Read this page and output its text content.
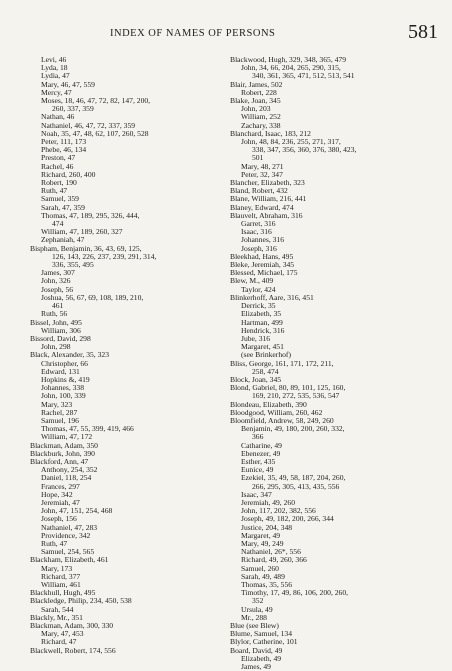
INDEX OF NAMES OF PERSONS	581
Levi, 46
Lyda, 18
Lydia, 47
Mary, 46, 47, 559
Mercy, 47
Moses, 18, 46, 47, 72, 82, 147, 200,
260, 337, 359
Nathan, 46
Nathaniel, 46, 47, 72, 337, 359
Noah, 35, 47, 48, 62, 107, 260, 528
Peter, 111, 173
Phebe, 46, 134
Preston, 47
Rachel, 46
Richard, 260, 400
Robert, 190
Ruth, 47
Samuel, 359
Sarah, 47, 359
Thomas, 47, 189, 295, 326, 444,
474
William, 47, 189, 260, 327
Zephaniah, 47
Bispham, Benjamin, 36, 43, 69, 125,
126, 143, 226, 237, 239, 291, 314,
336, 355, 495
James, 307
John, 326
Joseph, 56
Joshua, 56, 67, 69, 108, 189, 210,
461
Ruth, 56
Bissel, John, 495
William, 306
Bissord, David, 298
John, 298
Black, Alexander, 35, 323
Christopher, 66
Edward, 131
Hopkins &, 419
Johannes, 338
John, 100, 339
Mary, 323
Rachel, 287
Samuel, 196
Thomas, 47, 55, 399, 419, 466
William, 47, 172
Blackman, Adam, 350
Blackburk, John, 390
Blackford, Ann, 47
Anthony, 254, 352
Daniel, 118, 254
Frances, 297
Hope, 342
Jeremiah, 47
John, 47, 151, 254, 468
Joseph, 156
Nathaniel, 47, 283
Providence, 342
Ruth, 47
Samuel, 254, 565
Blackham, Elizabeth, 461
Mary, 173
Richard, 377
William, 461
Blackhull, Hugh, 495
Blackledge, Philip, 234, 450, 538
Sarah, 544
Blackly, Mr., 351
Blackman, Adam, 300, 330
Mary, 47, 453
Richard, 47
Blackwell, Robert, 174, 556
Blackwood, Hugh, 329, 348, 365, 479
John, 34, 66, 204, 265, 290, 315,
340, 361, 365, 471, 512, 513, 541
Blair, James, 502
Robert, 228
Blake, Joan, 345
John, 203
William, 252
Zachary, 338
Blanchard, Isaac, 183, 212
John, 48, 84, 236, 255, 271, 317,
338, 347, 356, 360, 376, 380, 423,
501
Mary, 48, 271
Peter, 32, 347
Blancher, Elizabeth, 323
Bland, Robert, 432
Blane, William, 216, 441
Blaney, Edward, 474
Blauvelt, Abraham, 316
Garret, 316
Isaac, 316
Johannes, 316
Joseph, 316
Bleekhad, Hans, 495
Bleke, Jeremiah, 345
Blessed, Michael, 175
Blew, M., 409
Taylor, 424
Blinkerhoff, Aare, 316, 451
Derrick, 35
Elizabeth, 35
Hartman, 499
Hendrick, 316
Jube, 316
Margaret, 451
(see Brinkerhof)
Bliss, George, 161, 171, 172, 211,
258, 474
Block, Joan, 345
Blond, Gabriel, 80, 89, 101, 125, 160,
169, 210, 272, 535, 536, 547
Blondeau, Elizabeth, 390
Bloodgood, William, 260, 462
Bloomfield, Andrew, 58, 249, 260
Benjamin, 49, 180, 200, 260, 332,
366
Catharine, 49
Ebenezer, 49
Esther, 435
Eunice, 49
Ezekiel, 35, 49, 58, 187, 204, 260,
266, 295, 305, 413, 435, 556
Isaac, 347
Jeremiah, 49, 260
John, 117, 202, 382, 556
Joseph, 49, 182, 200, 266, 344
Justice, 204, 348
Margaret, 49
Mary, 49, 249
Nathaniel, 26*, 556
Richard, 49, 260, 366
Samuel, 260
Sarah, 49, 489
Thomas, 35, 556
Timothy, 17, 49, 86, 106, 200, 260,
352
Ursula, 49
Mr., 288
Blue (see Blew)
Blume, Samuel, 134
Blylor, Catherine, 101
Board, David, 49
Elizabeth, 49
James, 49
